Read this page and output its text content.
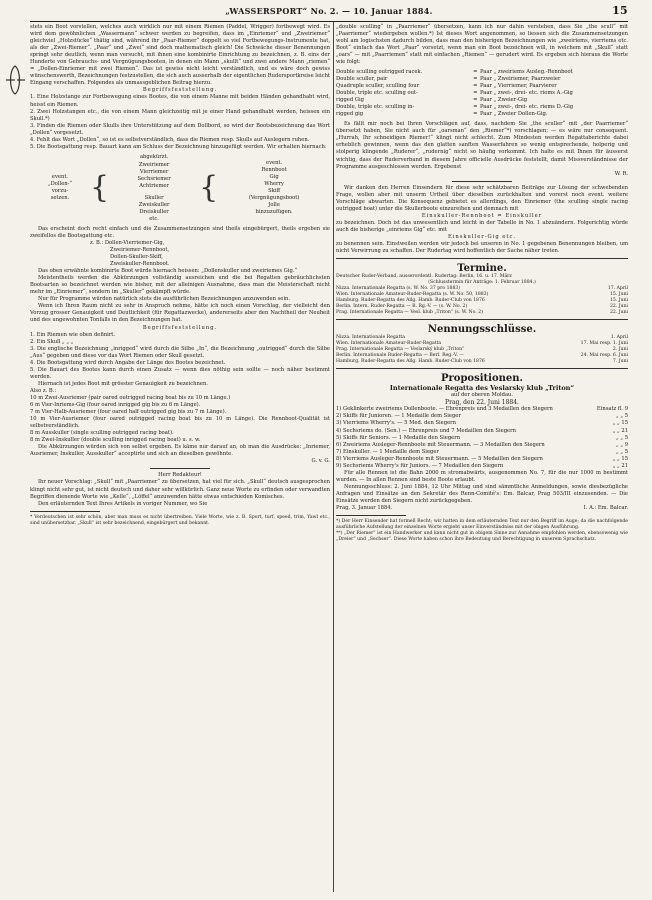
„WASSERSPORT“ No. 2. — 10. Januar 1884.	15

stets ein Boot vorstellen, welches auch wirklich nur mit einem Riemen (Paddel, Wrigger) fortbewegt wird. Es wird dem gewöhnlichen „Wassermann“ schwer werden zu begreifen, dass im „Einriemer“ und „Zweiriemer“ gleichviel „Holzstücke“ thätig sind, während ihr „Paar-Riemer“ doppelt so viel Fortbewegungs-Instrumente hat, als der „Zwei-Riemer“. „Paar“ und „Zwei“ sind doch mathematisch gleich! Die Schwäche dieser Benennungen springt sehr deutlich, wenn man versucht, mit ihnen eine kombinirte Einrichtung zu bezeichnen, z. B. eins der Hunderte von Gebrauchs- und Vergnügungsbooten, in denen ein Mann „skullt“ und zwei andere Mann „riemen“ = „Dollen-Einriemer mit zwei Riemen“. Das ist gewiss nicht leicht verständlich, und es wäre doch gewiss wünschenswerth, Bezeichnungen festzustellen, die sich auch ausserhalb der eigentlichen Rudersportkreise leicht Eingang verschaffen. Folgendes als unmassgeblichen Beitrag hierzu.

Begriffsfeststellung.

1. Eine Holzstange zur Fortbewegung eines Bootes, die von einem Manne mit beiden Händen gehandhabt wird, heisst ein Riemen.

2. Zwei Holzstangen etc., die von einem Mann gleichzeitig mit je einer Hand gehandhabt werden, heissen ein Skull.*)

3. Finden die Riemen oder Skulls ihre Unterstützung auf dem Dollbord, so wird der Bootsbezeichnung das Wort „Dollen“ vorgesetzt.

4. Fehlt das Wort „Dollen“, so ist es selbstverständlich, dass die Riemen resp. Skulls auf Auslegern ruhen.

5. Die Bootsgattung resp. Bauart kann am Schluss der Bezeichnung hinzugefügt werden. Wir erhalten hiernach:

event.
„Dollen-“
vorzu-
setzen.	{	
abgekürzt.
Zweiriemer
Vierriemer
Sechsriemer
Achtriemer
Skuller
Zweiskuller
Dreiskuller
etc.
	{	
event.
Rennboot
Gig
Wherry
Skiff
(Vergnügungsboot)
Jolle
hinzuzufügen.

Das erscheint doch recht einfach und die Zusammensetzungen sind theils eingebürgert, theils ergeben sie zweifellos die Bootsgattung etc.

z. B.: Dollen-Vierriemer-Gig,
Zweiriemer-Rennboot,
Dollen-Skuller-Skiff,
Zweiskuller-Rennboot.

Das oben erwähnte kombinirte Boot würde hiernach heissen: „Dollenskuller und zweiriemes Gig.“

Meistentheils werden die Abkürzungen vollständig ausreichen und die bei Regatten gebräuchlichsten Bootsarten so bezeichnet werden wie bisher, mit der alleinigen Ausnahme, dass man die Meisterschaft nicht mehr im „Einriemer“, sondern im „Skuller“ gekämpft würde.

Nur für Programme würden natürlich stets die ausführlichen Bezeichnungen anzuwenden sein.

Wenn ich Ihren Raum nicht zu sehr in Anspruch nehme, hätte ich noch einen Vorschlag, der vielleicht den Vorzug grosser Genauigkeit und Deutlichkeit (für Regattazwecke), andererseits aber den Nachtheil der Neuheit und des ungewohnten Tonfalls in den Bezeichnungen hat.

Begriffsfeststellung.

1. Ein Riemen wie oben definirt.

2. Ein Skull „ „ „

3. Die englische Bezeichnung „inrigged“ wird durch die Silbe „In“, die Bezeichnung „outrigged“ durch die Silbe „Aus“ gegeben und diese vor das Wort Riemen oder Skull gesetzt.

4. Die Bootsgattung wird durch Angabe der Länge des Bootes bezeichnet.

5. Die Bauart des Bootes kann durch einen Zusatz — wenn dies nöthig sein sollte — noch näher bestimmt werden.

Hiernach ist jedes Boot mit grösster Genauigkeit zu bezeichnen.

Also z. B.:

10 m Zwei-Ausriemer (pair oared outrigged racing boat bis zu 10 m Länge.)

6 m Vier-Inriems-Gig (four oared inrigged gig bis zu 6 m Länge).

7 m Vier-Halb-Ausriemer (four oared half outrigged gig bis zu 7 m Länge).

10 m Vier-Ausriemer (four oared outrigged racing boat bis zu 10 m Länge). Die Rennboot-Qualität ist selbstverständlich.

8 m Ausskuller (single sculling outrigged racing boat).

8 m Zwei-Inskuller (double sculling inrigged racing boat) u. s. w.

Die Abkürzungen würden sich von selbst ergeben. Es käme nur darauf an, ob man die Ausdrücke: „Inriemer, Ausriemer, Inskuller, Ausskuller“ acceptirte und sich an dieselben gewöhnte.

G. v. G.

Herr Redakteur!

Ihr neuer Vorschlag: „Skull“ mit „Paarriemer“ zu übersetzen, hat viel für sich. „Skull“ deutsch ausgesprochen klingt nicht sehr gut, ist nicht deutsch und daher sehr willkürlich. Ganz neue Worte zu erfinden oder verwandten Begriffen dienende Worte wie „Kelle“, „Löffel“ anzuwenden hätte etwas entschieden Komisches.

Den erläuternden Text Ihres Artikels in voriger Nummer, wo Sie

* Verdeutschen ist sehr schön, aber man muss es nicht übertreiben. Viele Worte, wie z. B. Sport, turf, speed, trim, Yawl etc., sind unübersetzbar. „Skull“ ist sehr bezeichnend, eingebürgert und bekannt.

„double sculling“ in „Paarriemer“ übersetzen, kann ich nur dahin verstehen, dass Sie „the scull“ mit „Paarriemer“ wiedergeben wollen.*) Ist dieses Wort angenommen, so liessen sich die Zusammensetzungen wohl am logischsten dadurch bilden, dass man den bisherigen Bezeichnungen wie „zweiriems, vierriems etc. Boot“ einfach das Wort „Paar“ vorsetzt, wenn man ein Boot bezeichnen will, in welchem mit „Skull“ statt „oars“ — mit „Paarriemen“ statt mit einfachen „Riemen“ — gerudert wird. Es ergeben sich hieraus die Worte wie folgt:

Double sculling outrigged racek.	=	Paar „ zweiriems Ausleg.-Rennboot
Double sculler, pair	=	Paar „ Zweiriemer, Paarzweier
Quadruple sculler, sculling four	=	Paar „ Vierriemer, Paarvierer
Double, triple etc. sculling out-	=	Paar „ zwei-, drei- etc. riems A.-Gig
rigged Gig	=	Paar „ Zweier-Gig
Double, triple etc. sculling in-	=	Paar „ zwei-, drei- etc. riems D.-Gig
rigged gig	=	Paar „ Zweier Dollen-Gig.

Es fällt mir noch bei Ihren Vorschlägen auf, dass, nachdem Sie „the sculler“ mit „der Paarriemer“ übersetzt haben, Sie nicht auch für „oarsman“ den „Riemer“*) vorschlagen; — es wäre nur consequent. „Hurrah, Ihr schneidigen Riemer!“ klingt nicht schlecht. Zum Mindesten werden Regattaberichte dabei erheblich gewinnen, wenn das den glatten sanften Wasserfahren so wenig entsprechende, holperig und stolperig klingende „Ruderer“, „rudernig“ nicht so häufig vorkommt. Ich halte es mit Ihnen für äusserst wichtig, dass der Ruderverband in diesem Jahre officielle Ausdrücke feststellt, damit Missverständnisse der Programme ausgeschlossen werden. Ergebenst

W. R.

Wir danken den Herren Einsendern für diese sehr schätzbaren Beiträge zur Lösung der schwebenden Frage, wollen aber mit unserm Urtheil über dieselben zurückhalten und vorerst noch event. weitere Vorschläge abwarten. Die Konsequenz gebietet es allerdings, den Einriemer (the sculling single racing outrigged boat) unter die Skullerboote einzureihen und demnach mit

Einskuller-Rennboot = Einskuller

zu bezeichnen. Doch ist das unwesentlich und leicht in der Tabelle in No. 1 abzuändern. Folgerichtig würde auch die bisherige „einriems Gig“ etc. mit

Einskuller-Gig etc.

zu benennen sein. Einstweilen werden wir jedoch bei unseren in No. 1 gegebenen Benennungen bleiben, um nicht Verwirrung zu schaffen. Der Rudertag wird hoffentlich der Sache näher treten.

Termine.
Deutscher Ruder-Verband, ausserordentl. Rudertag: Berlin, 16. u. 17. März
(Schlusstermin für Anträge: 1. Februar 1884.)
Nizza. Internationale Regatta (s. W. No. 37 pro 1883)	17. April
Wien. Internationale Amateur-Ruder-Regatta (s. W. No. 50, 1883)	15. Juni
Hamburg. Ruder-Regatta des Allg. Hamb. Ruder-Club von 1876	15. Juni
Berlin. Intern. Ruder-Regatta — B. Rg.-V. — (s. W. No. 2)	22. Juni
Prag. Internationale Regatta — Vesl. klub „Triton“ (s. W. No. 2)	22. Juni
Nennungsschlüsse.
Nizza. Internationale Regatta	1. April
Wien. Internationale Amateur-Ruder-Regatta	17. Mai resp. 1. Juni
Prag. Internationale Regatta — Veslarský klub „Triton“	2. Juni
Berlin. Internationale Ruder-Regatta — Berl. Reg.-V. —	24. Mai resp. 6. Juni
Hamburg. Ruder-Regatta des Allg. Hamb. Ruder-Club von 1876	7. Juni
Propositionen.
Internationale Regatta des Veslarsky klub „Triton“
auf der oberen Moldau.
Prag, den 22. Juni 1884.
1) Geklinkerte zweiriems Dollenboote. — Ehrenpreis und 3 Medaillen den Siegern	Einsatz fl. 9
2) Skiffs für Junioren. — 1 Medaille dem Sieger	„ „ 5
3) Vierriems Wherry's. — 5 Med. den Siegern	„ „ 15
4) Sechsriems do. (Sen.) — Ehrenpreis und 7 Medaillen den Siegern	„ „ 21
5) Skiffs für Seniors. — 1 Medaille den Siegern	„ „ 5
6) Zweiriems Ausleger-Rennboote mit Steuermann. — 3 Medaillen den Siegern	„ „ 9
7) Einskuller. — 1 Medaille dem Sieger	„ „ 5
8) Vierriems Ausleger-Rennboote mit Steuermann. — 5 Medaillen den Siegern	„ „ 15
9) Sechsriems Wherry's für Juniors. — 7 Medaillen den Siegern	„ „ 21

Für alle Rennen ist die Bahn 2000 m stromabwärts, ausgenommen No. 7, für die nur 1000 m bestimmt wurden. — In allen Rennen sind beste Boote erlaubt.

Nennungsschluss: 2. Juni 1884, 12 Uhr Mittag und sind sämmtliche Anmeldungen, sowie diesbezügliche Anfragen und Einsätze an den Sekretär des Renn-Comité's: Em. Balcar, Prag 503/III einzusenden. — Die Einsätze werden den Siegern nicht zurückgegeben.

Prag, 3. Januar 1884.	I. A.: Em. Balcar.

*) Der Herr Einsender hat formell Recht; wir hatten in dem erläuternden Text nur den Begriff im Auge; da die nachfolgende ausführliche Aufstellung der einzelnen Worte ergiebt unser Einverständniss mit der obigen Ausführung.

**) „Der Riemer“ ist ein Handwerker und kann nicht gut in obigem Sinne zur Annahme empfohlen werden, ebensowenig wie „Dreier“ und „Sechser“. Diese Worte haben schon ihre Bedeutung und Berechtigung in unserem Sprachschatz.
